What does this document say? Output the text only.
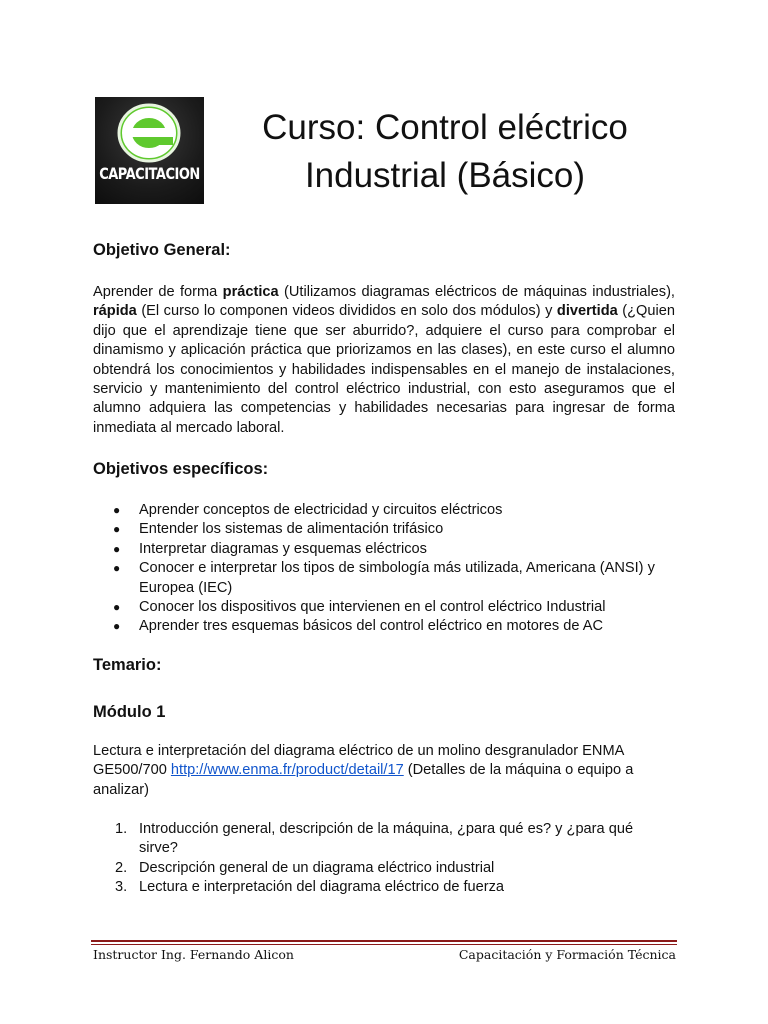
CAPACITACION
Curso: Control eléctrico
Industrial (Básico)
Objetivo General:
Aprender de forma práctica (Utilizamos diagramas eléctricos de máquinas industriales), rápida (El curso lo componen videos divididos en solo dos módulos) y divertida (¿Quien dijo que el aprendizaje tiene que ser aburrido?, adquiere el curso para comprobar el dinamismo y aplicación práctica que priorizamos en las clases), en este curso el alumno obtendrá los conocimientos y habilidades indispensables en el manejo de instalaciones, servicio y mantenimiento del control eléctrico industrial, con esto aseguramos que el alumno adquiera las competencias y habilidades necesarias para ingresar de forma inmediata al mercado laboral.
Objetivos específicos:
● Aprender conceptos de electricidad y circuitos eléctricos
● Entender los sistemas de alimentación trifásico
● Interpretar diagramas y esquemas eléctricos
● Conocer e interpretar los tipos de simbología más utilizada, Americana (ANSI) y Europea (IEC)
● Conocer los dispositivos que intervienen en el control eléctrico Industrial
● Aprender tres esquemas básicos del control eléctrico en motores de AC
Temario:
Módulo 1
Lectura e interpretación del diagrama eléctrico de un molino desgranulador ENMA GE500/700 http://www.enma.fr/product/detail/17 (Detalles de la máquina o equipo a analizar)
1. Introducción general, descripción de la máquina, ¿para qué es? y ¿para qué sirve?
2. Descripción general de un diagrama eléctrico industrial
3. Lectura e interpretación del diagrama eléctrico de fuerza
Instructor Ing. Fernando Alicon	Capacitación y Formación Técnica
